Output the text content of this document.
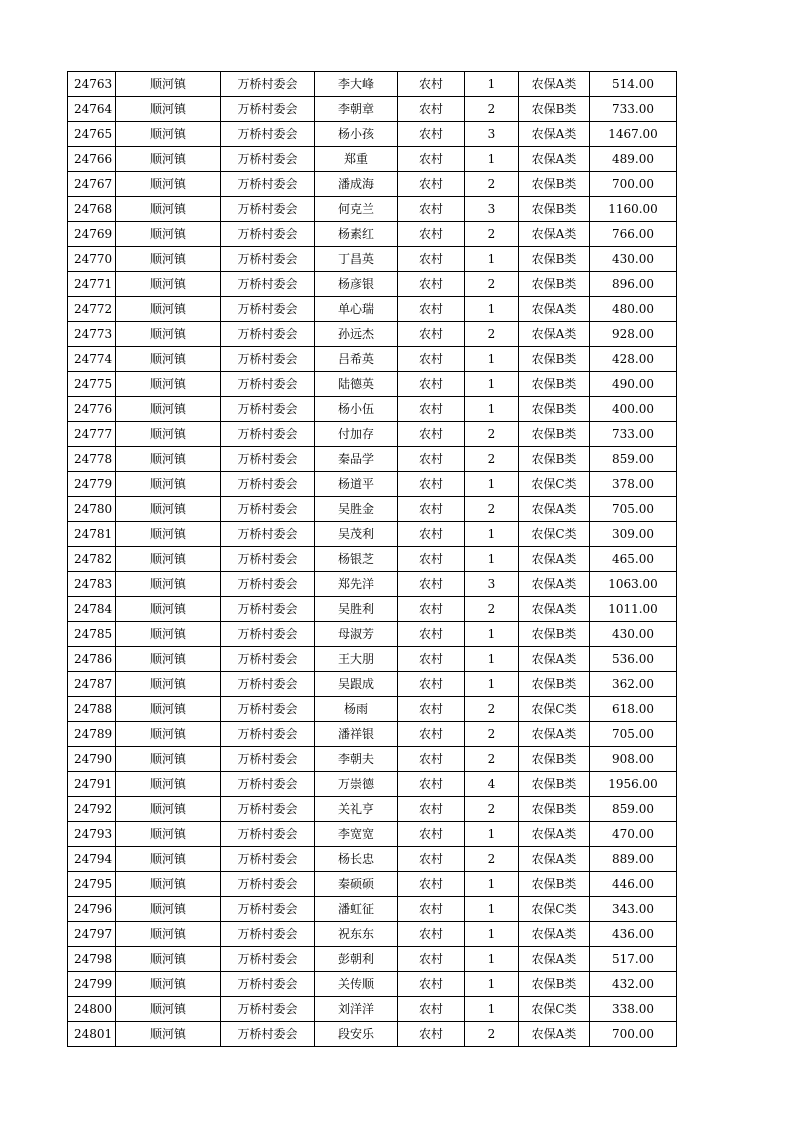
24763	顺河镇	万桥村委会	李大峰	农村	1	农保A类	514.00
24764	顺河镇	万桥村委会	李朝章	农村	2	农保B类	733.00
24765	顺河镇	万桥村委会	杨小孩	农村	3	农保A类	1467.00
24766	顺河镇	万桥村委会	郑重	农村	1	农保A类	489.00
24767	顺河镇	万桥村委会	潘成海	农村	2	农保B类	700.00
24768	顺河镇	万桥村委会	何克兰	农村	3	农保B类	1160.00
24769	顺河镇	万桥村委会	杨素红	农村	2	农保A类	766.00
24770	顺河镇	万桥村委会	丁昌英	农村	1	农保B类	430.00
24771	顺河镇	万桥村委会	杨彦银	农村	2	农保B类	896.00
24772	顺河镇	万桥村委会	单心瑞	农村	1	农保A类	480.00
24773	顺河镇	万桥村委会	孙远杰	农村	2	农保A类	928.00
24774	顺河镇	万桥村委会	吕希英	农村	1	农保B类	428.00
24775	顺河镇	万桥村委会	陆德英	农村	1	农保B类	490.00
24776	顺河镇	万桥村委会	杨小伍	农村	1	农保B类	400.00
24777	顺河镇	万桥村委会	付加存	农村	2	农保B类	733.00
24778	顺河镇	万桥村委会	秦品学	农村	2	农保B类	859.00
24779	顺河镇	万桥村委会	杨道平	农村	1	农保C类	378.00
24780	顺河镇	万桥村委会	吴胜金	农村	2	农保A类	705.00
24781	顺河镇	万桥村委会	吴茂利	农村	1	农保C类	309.00
24782	顺河镇	万桥村委会	杨银芝	农村	1	农保A类	465.00
24783	顺河镇	万桥村委会	郑先洋	农村	3	农保A类	1063.00
24784	顺河镇	万桥村委会	吴胜利	农村	2	农保A类	1011.00
24785	顺河镇	万桥村委会	母淑芳	农村	1	农保B类	430.00
24786	顺河镇	万桥村委会	王大朋	农村	1	农保A类	536.00
24787	顺河镇	万桥村委会	吴跟成	农村	1	农保B类	362.00
24788	顺河镇	万桥村委会	杨雨	农村	2	农保C类	618.00
24789	顺河镇	万桥村委会	潘祥银	农村	2	农保A类	705.00
24790	顺河镇	万桥村委会	李朝夫	农村	2	农保B类	908.00
24791	顺河镇	万桥村委会	万崇德	农村	4	农保B类	1956.00
24792	顺河镇	万桥村委会	关礼亨	农村	2	农保B类	859.00
24793	顺河镇	万桥村委会	李宽宽	农村	1	农保A类	470.00
24794	顺河镇	万桥村委会	杨长忠	农村	2	农保A类	889.00
24795	顺河镇	万桥村委会	秦硕硕	农村	1	农保B类	446.00
24796	顺河镇	万桥村委会	潘虹征	农村	1	农保C类	343.00
24797	顺河镇	万桥村委会	祝东东	农村	1	农保A类	436.00
24798	顺河镇	万桥村委会	彭朝利	农村	1	农保A类	517.00
24799	顺河镇	万桥村委会	关传顺	农村	1	农保B类	432.00
24800	顺河镇	万桥村委会	刘洋洋	农村	1	农保C类	338.00
24801	顺河镇	万桥村委会	段安乐	农村	2	农保A类	700.00
